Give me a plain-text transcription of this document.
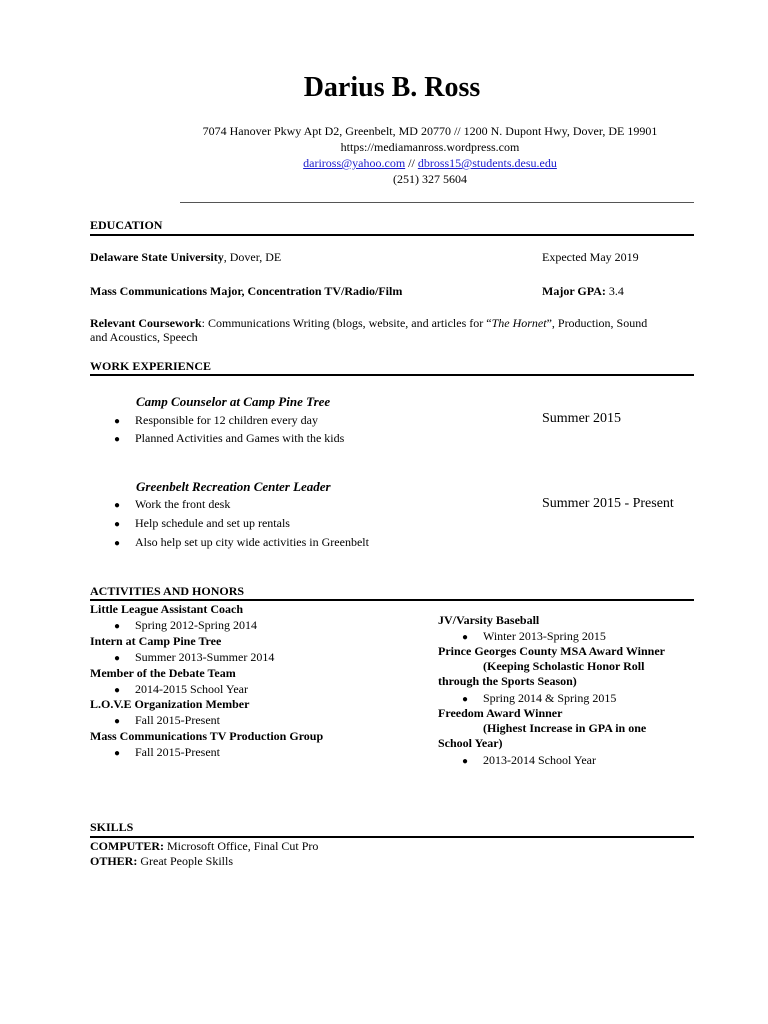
Darius B. Ross
7074 Hanover Pkwy Apt D2, Greenbelt, MD 20770 // 1200 N. Dupont Hwy, Dover, DE 19901
https://mediamanross.wordpress.com
dariross@yahoo.com // dbross15@students.desu.edu
(251) 327 5604
EDUCATION
Delaware State University, Dover, DE	Expected May 2019
Mass Communications Major, Concentration TV/Radio/Film	Major GPA: 3.4
Relevant Coursework: Communications Writing (blogs, website, and articles for “The Hornet”, Production, Sound
and Acoustics, Speech
WORK EXPERIENCE
Camp Counselor at Camp Pine Tree
Summer 2015
● Responsible for 12 children every day
● Planned Activities and Games with the kids
Greenbelt Recreation Center Leader
Summer 2015 - Present
● Work the front desk
● Help schedule and set up rentals
● Also help set up city wide activities in Greenbelt
ACTIVITIES AND HONORS
Little League Assistant Coach
● Spring 2012-Spring 2014
Intern at Camp Pine Tree
● Summer 2013-Summer 2014
Member of the Debate Team
● 2014-2015 School Year
L.O.V.E Organization Member
● Fall 2015-Present
Mass Communications TV Production Group
● Fall 2015-Present
JV/Varsity Baseball
● Winter 2013-Spring 2015
Prince Georges County MSA Award Winner
(Keeping Scholastic Honor Roll
through the Sports Season)
● Spring 2014 & Spring 2015
Freedom Award Winner
(Highest Increase in GPA in one
School Year)
● 2013-2014 School Year
SKILLS
COMPUTER: Microsoft Office, Final Cut Pro
OTHER: Great People Skills
